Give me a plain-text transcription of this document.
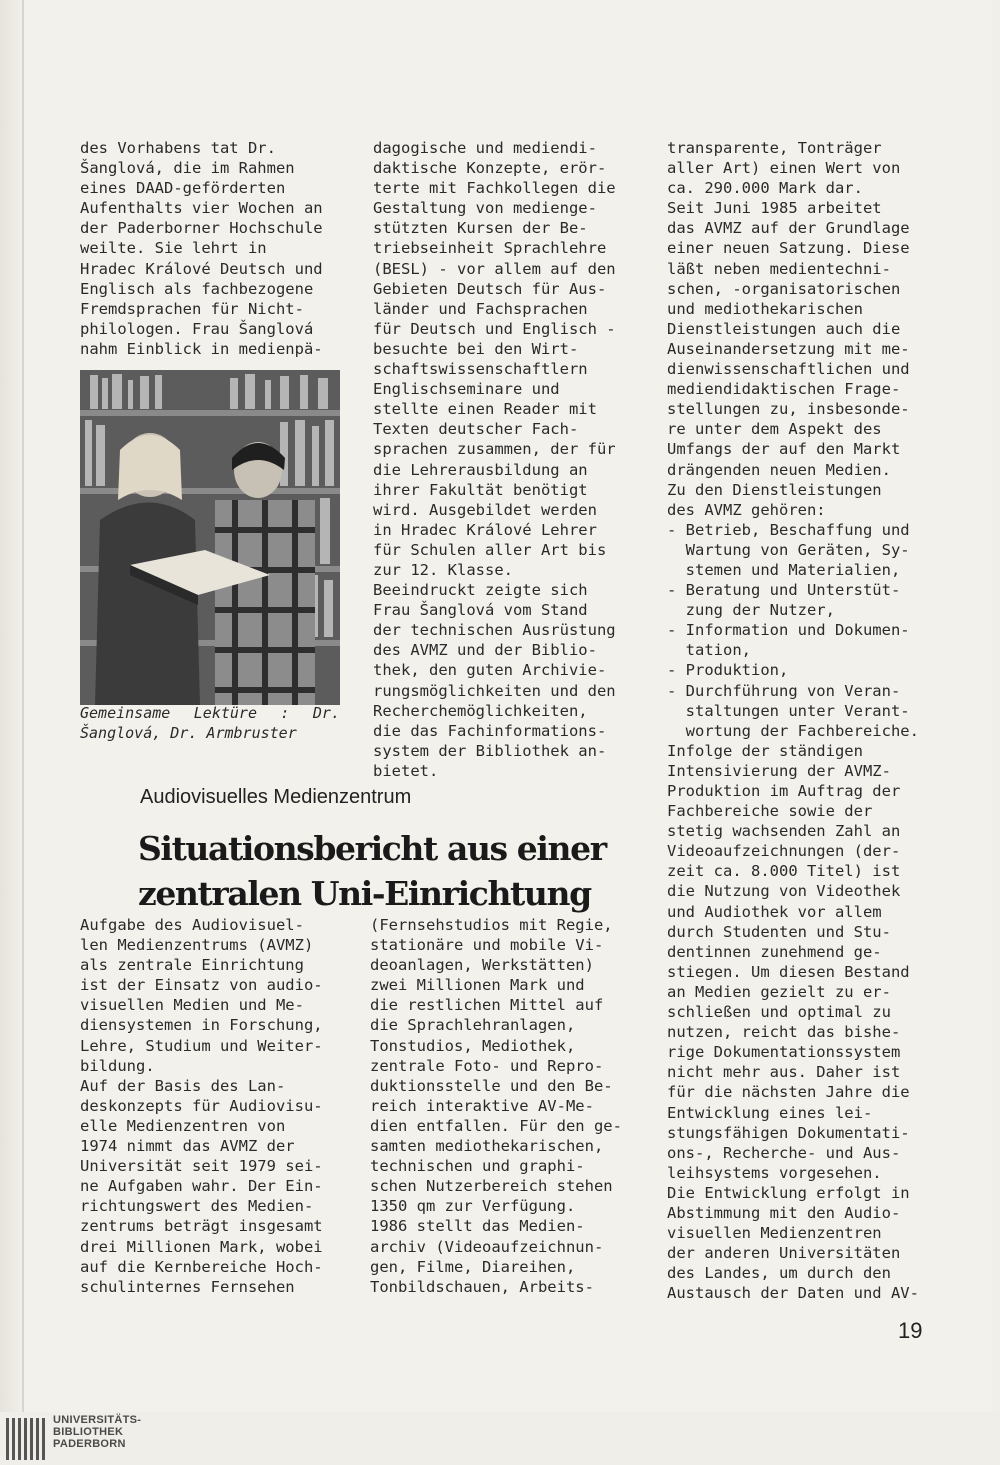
des Vorhabens tat Dr.
Šanglová, die im Rahmen
eines DAAD-geförderten
Aufenthalts vier Wochen an
der Paderborner Hochschule
weilte. Sie lehrt in
Hradec Králové Deutsch und
Englisch als fachbezogene
Fremdsprachen für Nicht-
philologen. Frau Šanglová
nahm Einblick in medienpä-
Gemeinsame Lektüre : Dr. Šanglová, Dr. Armbruster
dagogische und mediendi-
daktische Konzepte, erör-
terte mit Fachkollegen die
Gestaltung von medienge-
stützten Kursen der Be-
triebseinheit Sprachlehre
(BESL) - vor allem auf den
Gebieten Deutsch für Aus-
länder und Fachsprachen
für Deutsch und Englisch -
besuchte bei den Wirt-
schaftswissenschaftlern
Englischseminare und
stellte einen Reader mit
Texten deutscher Fach-
sprachen zusammen, der für
die Lehrerausbildung an
ihrer Fakultät benötigt
wird. Ausgebildet werden
in Hradec Králové Lehrer
für Schulen aller Art bis
zur 12. Klasse.
Beeindruckt zeigte sich
Frau Šanglová vom Stand
der technischen Ausrüstung
des AVMZ und der Biblio-
thek, den guten Archivie-
rungsmöglichkeiten und den
Recherchemöglichkeiten,
die das Fachinformations-
system der Bibliothek an-
bietet.
transparente, Tonträger
aller Art) einen Wert von
ca. 290.000 Mark dar.
Seit Juni 1985 arbeitet
das AVMZ auf der Grundlage
einer neuen Satzung. Diese
läßt neben medientechni-
schen, -organisatorischen
und mediothekarischen
Dienstleistungen auch die
Auseinandersetzung mit me-
dienwissenschaftlichen und
mediendidaktischen Frage-
stellungen zu, insbesonde-
re unter dem Aspekt des
Umfangs der auf den Markt
drängenden neuen Medien.
Zu den Dienstleistungen
des AVMZ gehören:
- Betrieb, Beschaffung und
Wartung von Geräten, Sy-
stemen und Materialien,
- Beratung und Unterstüt-
zung der Nutzer,
- Information und Dokumen-
tation,
- Produktion,
- Durchführung von Veran-
staltungen unter Verant-
wortung der Fachbereiche.
Infolge der ständigen
Intensivierung der AVMZ-
Produktion im Auftrag der
Fachbereiche sowie der
stetig wachsenden Zahl an
Videoaufzeichnungen (der-
zeit ca. 8.000 Titel) ist
die Nutzung von Videothek
und Audiothek vor allem
durch Studenten und Stu-
dentinnen zunehmend ge-
stiegen. Um diesen Bestand
an Medien gezielt zu er-
schließen und optimal zu
nutzen, reicht das bishe-
rige Dokumentationssystem
nicht mehr aus. Daher ist
für die nächsten Jahre die
Entwicklung eines lei-
stungsfähigen Dokumentati-
ons-, Recherche- und Aus-
leihsystems vorgesehen.
Die Entwicklung erfolgt in
Abstimmung mit den Audio-
visuellen Medienzentren
der anderen Universitäten
des Landes, um durch den
Austausch der Daten und AV-
Audiovisuelles Medienzentrum
Situationsbericht aus einer
zentralen Uni-Einrichtung
Aufgabe des Audiovisuel-
len Medienzentrums (AVMZ)
als zentrale Einrichtung
ist der Einsatz von audio-
visuellen Medien und Me-
diensystemen in Forschung,
Lehre, Studium und Weiter-
bildung.
Auf der Basis des Lan-
deskonzepts für Audiovisu-
elle Medienzentren von
1974 nimmt das AVMZ der
Universität seit 1979 sei-
ne Aufgaben wahr. Der Ein-
richtungswert des Medien-
zentrums beträgt insgesamt
drei Millionen Mark, wobei
auf die Kernbereiche Hoch-
schulinternes Fernsehen
(Fernsehstudios mit Regie,
stationäre und mobile Vi-
deoanlagen, Werkstätten)
zwei Millionen Mark und
die restlichen Mittel auf
die Sprachlehranlagen,
Tonstudios, Mediothek,
zentrale Foto- und Repro-
duktionsstelle und den Be-
reich interaktive AV-Me-
dien entfallen. Für den ge-
samten mediothekarischen,
technischen und graphi-
schen Nutzerbereich stehen
1350 qm zur Verfügung.
1986 stellt das Medien-
archiv (Videoaufzeichnun-
gen, Filme, Diareihen,
Tonbildschauen, Arbeits-
19
UNIVERSITÄTS-
BIBLIOTHEK
PADERBORN
